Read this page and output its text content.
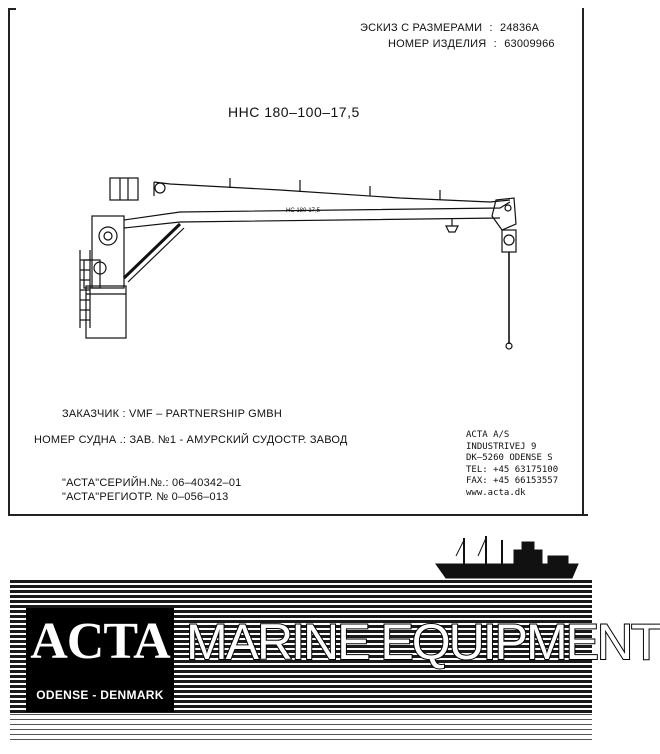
ЭСКИЗ С РАЗМЕРАМИ : 24836A
НОМЕР ИЗДЕЛИЯ : 63009966
ННС 180–100–17,5
НС 180-17,5
ЗАКАЗЧИК : VMF – PARTNERSHIP GMBH
НОМЕР СУДНА .: ЗАВ. №1 - АМУРСКИЙ СУДОСТР. ЗАВОД
"АСТА"СЕРИЙН.№.: 06–40342–01
"АСТА"РЕГИОТР. № 0–056–013
ACTA A/S
INDUSTRIVEJ 9
DK–5260 ODENSE S
TEL: +45 63175100
FAX: +45 66153557
www.acta.dk
ACTA
ODENSE - DENMARK
MARINE EQUIPMENT
